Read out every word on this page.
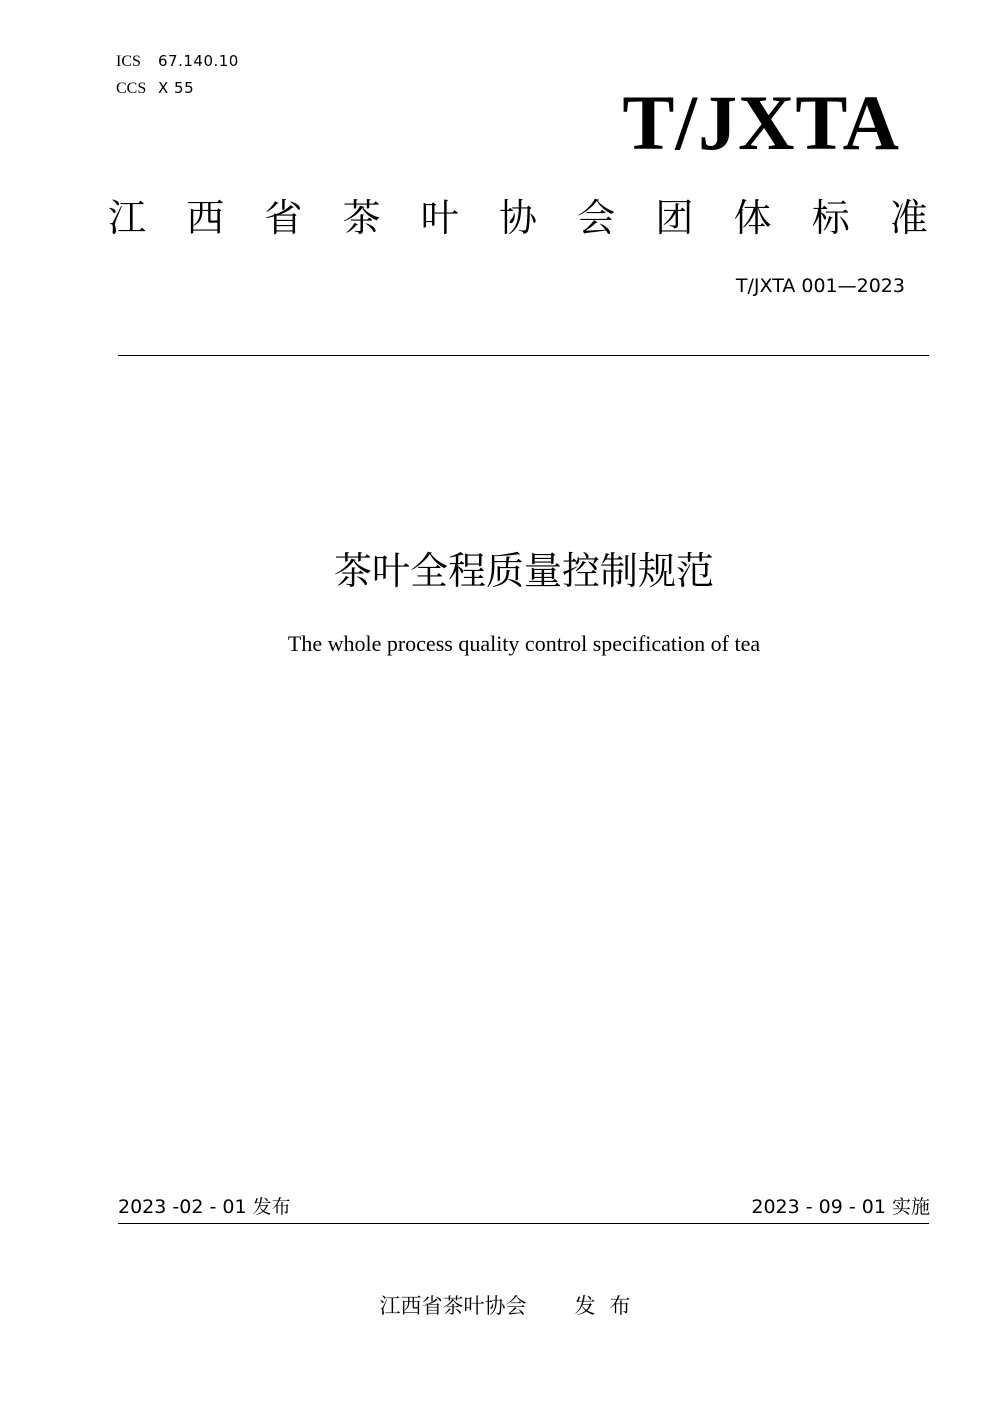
ICS 67.140.10
CCS X 55	T/JXTA
江 西 省 茶 叶 协 会 团 体 标 准
T/JXTA 001—2023
茶叶全程质量控制规范
The whole process quality control specification of tea
2023 -02 - 01 发布	2023 - 09 - 01 实施
江西省茶叶协会 发布
